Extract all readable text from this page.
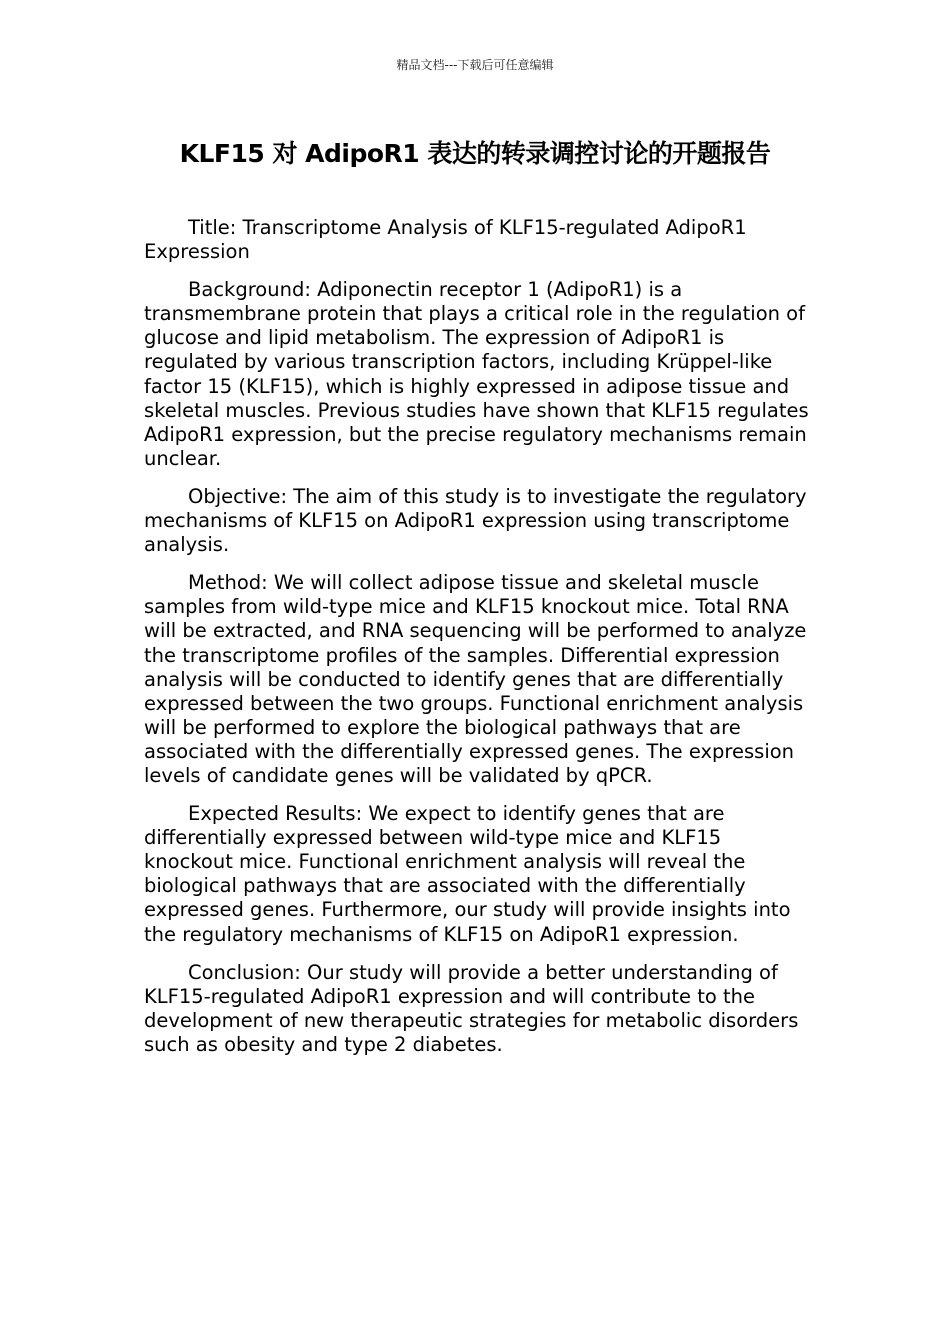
精品文档---下载后可任意编辑
KLF15 对 AdipoR1 表达的转录调控讨论的开题报告

Title: Transcriptome Analysis of KLF15-regulated AdipoR1 Expression

Background: Adiponectin receptor 1 (AdipoR1) is a transmembrane protein that plays a critical role in the regulation of glucose and lipid metabolism. The expression of AdipoR1 is regulated by various transcription factors, including Krüppel-like factor 15 (KLF15), which is highly expressed in adipose tissue and skeletal muscles. Previous studies have shown that KLF15 regulates AdipoR1 expression, but the precise regulatory mechanisms remain unclear.

Objective: The aim of this study is to investigate the regulatory mechanisms of KLF15 on AdipoR1 expression using transcriptome analysis.

Method: We will collect adipose tissue and skeletal muscle samples from wild-type mice and KLF15 knockout mice. Total RNA will be extracted, and RNA sequencing will be performed to analyze the transcriptome profiles of the samples. Differential expression analysis will be conducted to identify genes that are differentially expressed between the two groups. Functional enrichment analysis will be performed to explore the biological pathways that are associated with the differentially expressed genes. The expression levels of candidate genes will be validated by qPCR.

Expected Results: We expect to identify genes that are differentially expressed between wild-type mice and KLF15 knockout mice. Functional enrichment analysis will reveal the biological pathways that are associated with the differentially expressed genes. Furthermore, our study will provide insights into the regulatory mechanisms of KLF15 on AdipoR1 expression.

Conclusion: Our study will provide a better understanding of KLF15-regulated AdipoR1 expression and will contribute to the development of new therapeutic strategies for metabolic disorders such as obesity and type 2 diabetes.
